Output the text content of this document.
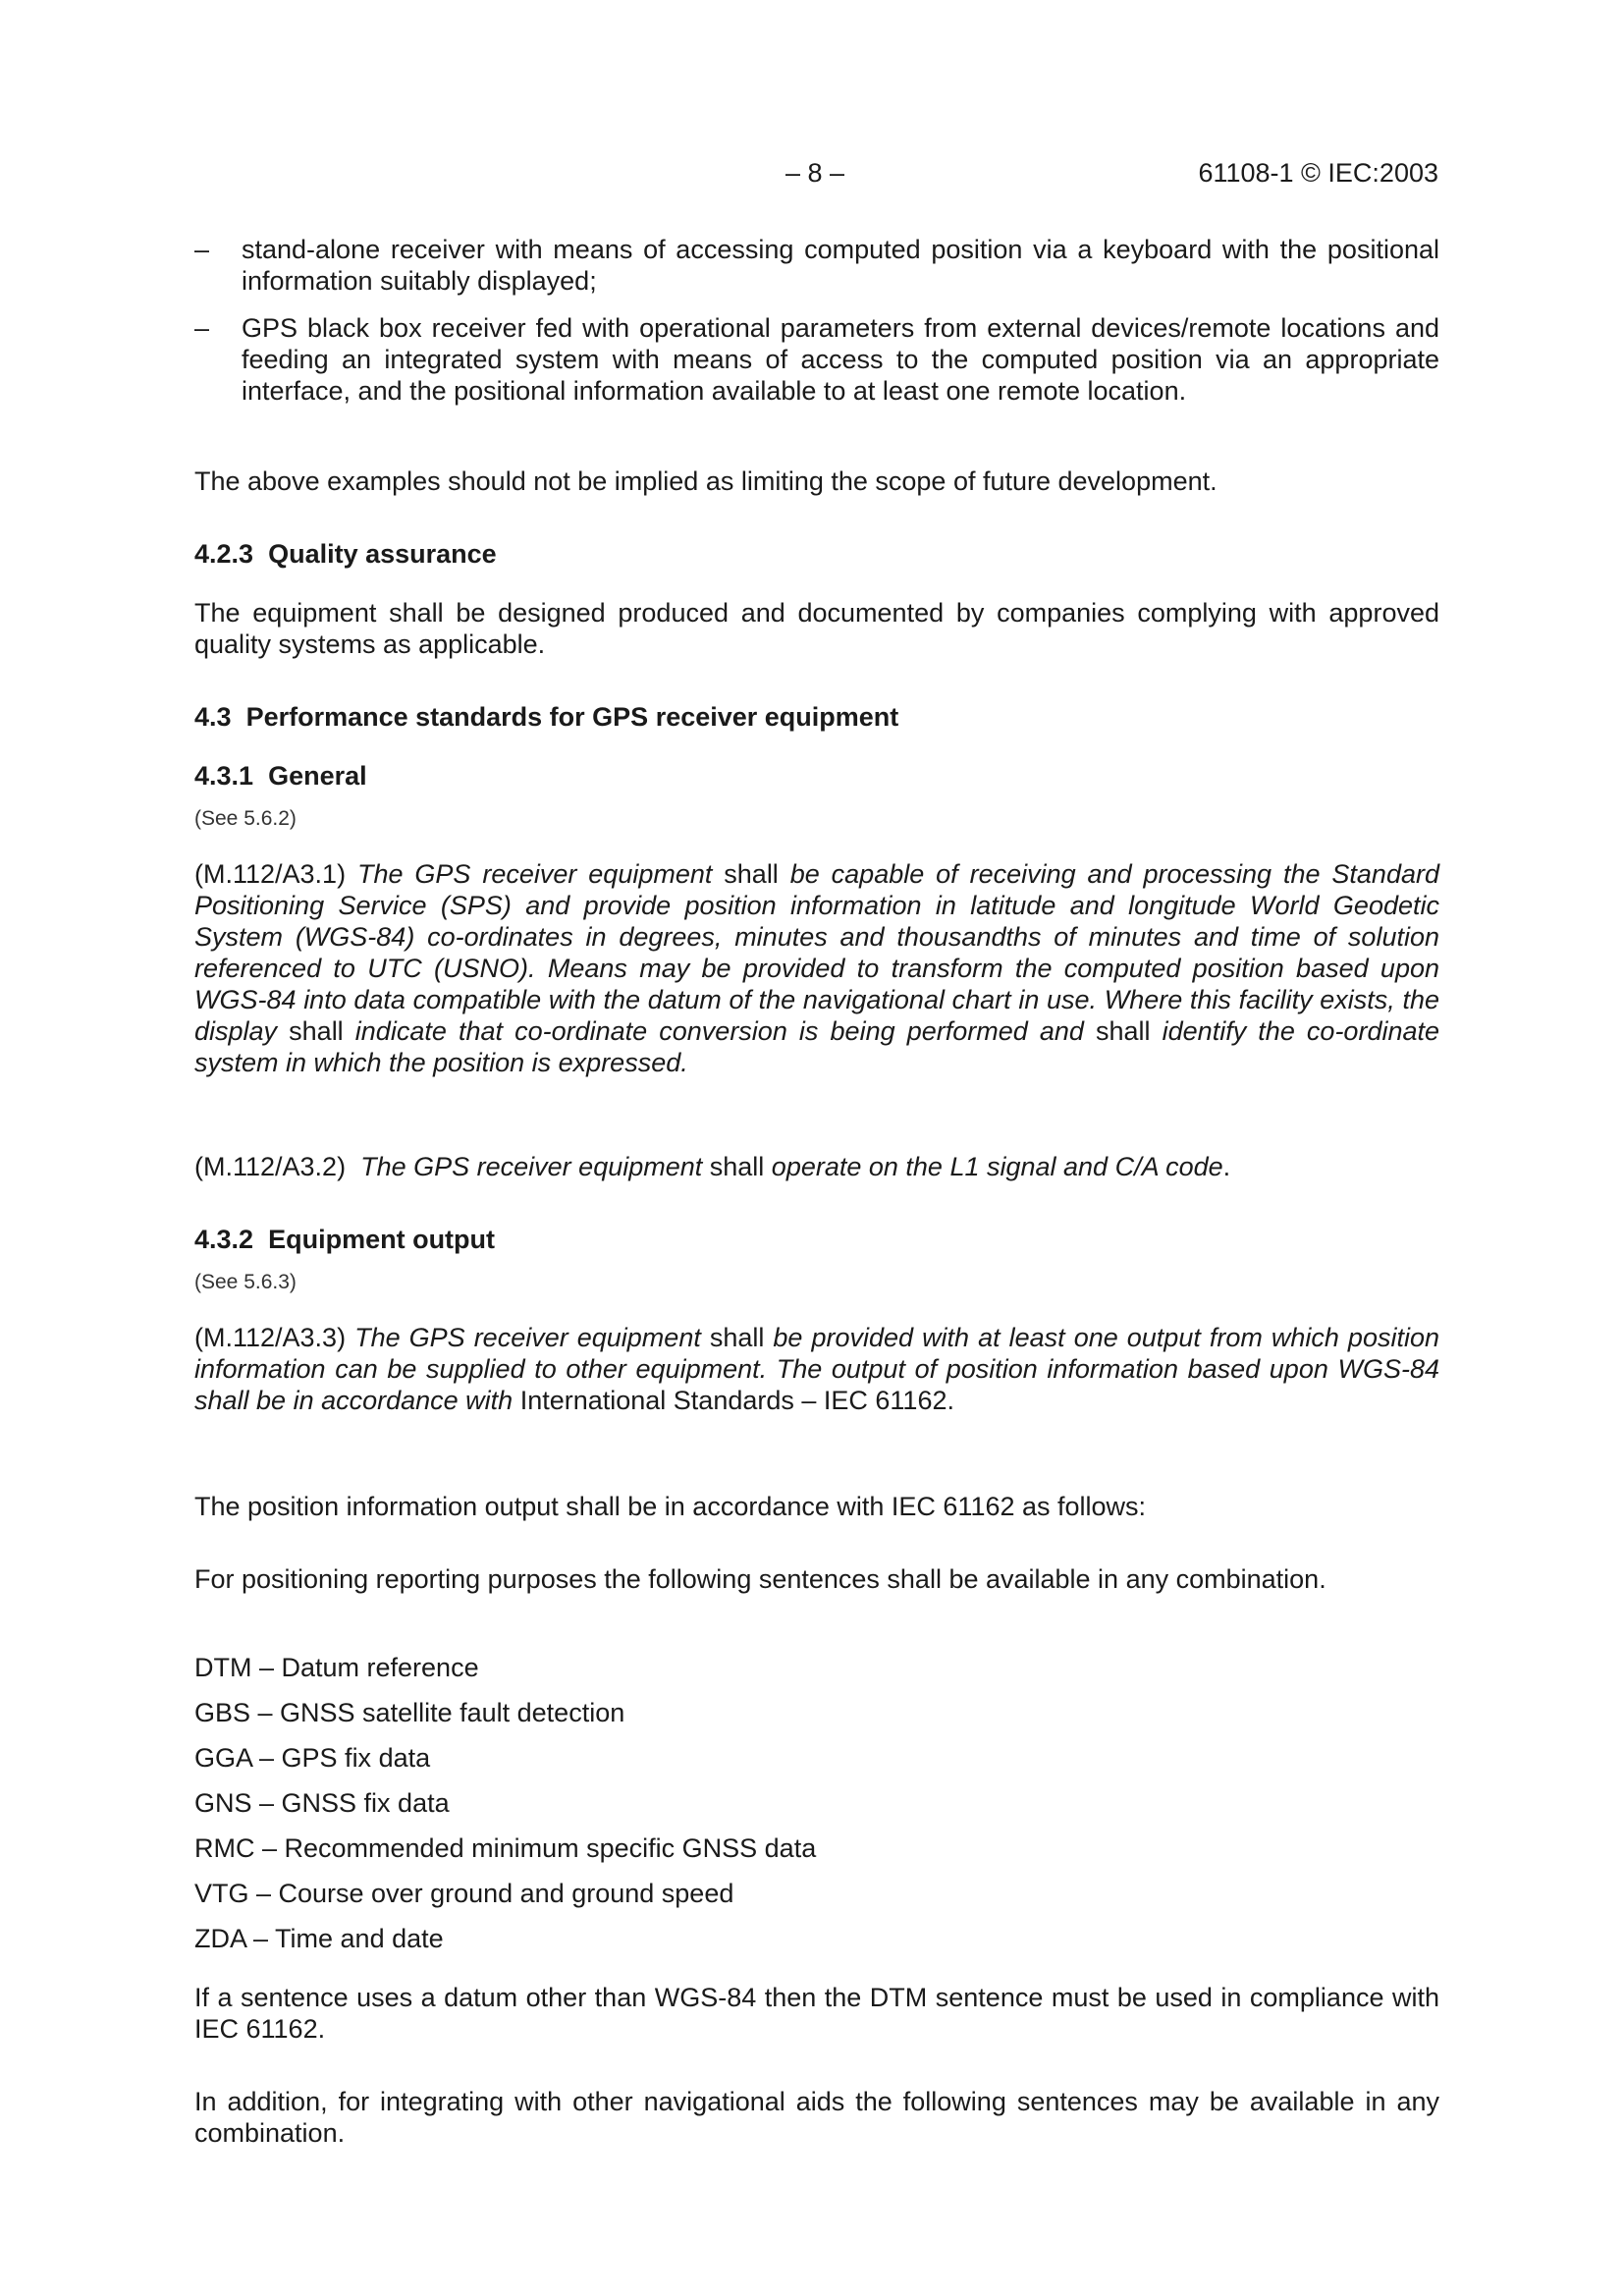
– 8 –	61108-1 © IEC:2003
– stand-alone receiver with means of accessing computed position via a keyboard with the positional information suitably displayed;
– GPS black box receiver fed with operational parameters from external devices/remote locations and feeding an integrated system with means of access to the computed position via an appropriate interface, and the positional information available to at least one remote location.
The above examples should not be implied as limiting the scope of future development.
4.2.3 Quality assurance
The equipment shall be designed produced and documented by companies complying with approved quality systems as applicable.
4.3 Performance standards for GPS receiver equipment
4.3.1 General
(See 5.6.2)
(M.112/A3.1) The GPS receiver equipment shall be capable of receiving and processing the Standard Positioning Service (SPS) and provide position information in latitude and longitude World Geodetic System (WGS-84) co-ordinates in degrees, minutes and thousandths of minutes and time of solution referenced to UTC (USNO). Means may be provided to transform the computed position based upon WGS-84 into data compatible with the datum of the navigational chart in use. Where this facility exists, the display shall indicate that co-ordinate conversion is being performed and shall identify the co-ordinate system in which the position is expressed.
(M.112/A3.2)  The GPS receiver equipment shall operate on the L1 signal and C/A code.
4.3.2 Equipment output
(See 5.6.3)
(M.112/A3.3) The GPS receiver equipment shall be provided with at least one output from which position information can be supplied to other equipment. The output of position information based upon WGS-84 shall be in accordance with International Standards – IEC 61162.
The position information output shall be in accordance with IEC 61162 as follows:
For positioning reporting purposes the following sentences shall be available in any combination.
DTM – Datum reference
GBS – GNSS satellite fault detection
GGA – GPS fix data
GNS – GNSS fix data
RMC – Recommended minimum specific GNSS data
VTG – Course over ground and ground speed
ZDA – Time and date
If a sentence uses a datum other than WGS-84 then the DTM sentence must be used in compliance with IEC 61162.
In addition, for integrating with other navigational aids the following sentences may be available in any combination.
